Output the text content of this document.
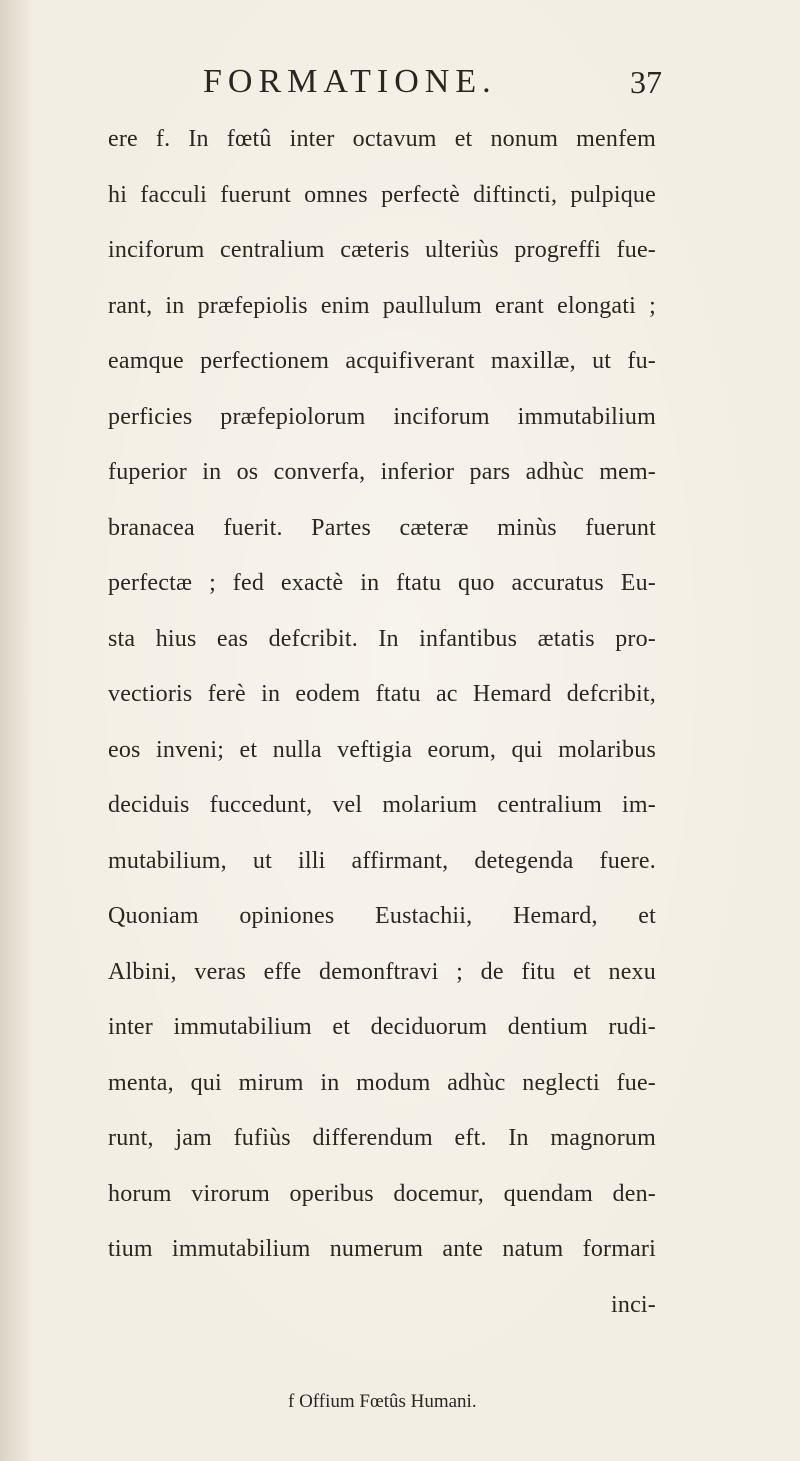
FORMATIONE.	37
ere f. In fœtû inter octavum et nonum menfem
hi facculi fuerunt omnes perfectè diftincti, pulpique
inciforum centralium cæteris ulteriùs progreffi fue-
rant, in præfepiolis enim paullulum erant elongati ;
eamque perfectionem acquifiverant maxillæ, ut fu-
perficies præfepiolorum inciforum immutabilium
fuperior in os converfa, inferior pars adhùc mem-
branacea fuerit. Partes cæteræ minùs fuerunt
perfectæ ; fed exactè in ftatu quo accuratus Eu-
sta hius eas defcribit. In infantibus ætatis pro-
vectioris ferè in eodem ftatu ac Hemard defcribit,
eos inveni; et nulla veftigia eorum, qui molaribus
deciduis fuccedunt, vel molarium centralium im-
mutabilium, ut illi affirmant, detegenda fuere.
Quoniam opiniones Eustachii, Hemard, et
Albini, veras effe demonftravi ; de fitu et nexu
inter immutabilium et deciduorum dentium rudi-
menta, qui mirum in modum adhùc neglecti fue-
runt, jam fufiùs differendum eft. In magnorum
horum virorum operibus docemur, quendam den-
tium immutabilium numerum ante natum formari
inci-
f Offium Fœtûs Humani.
